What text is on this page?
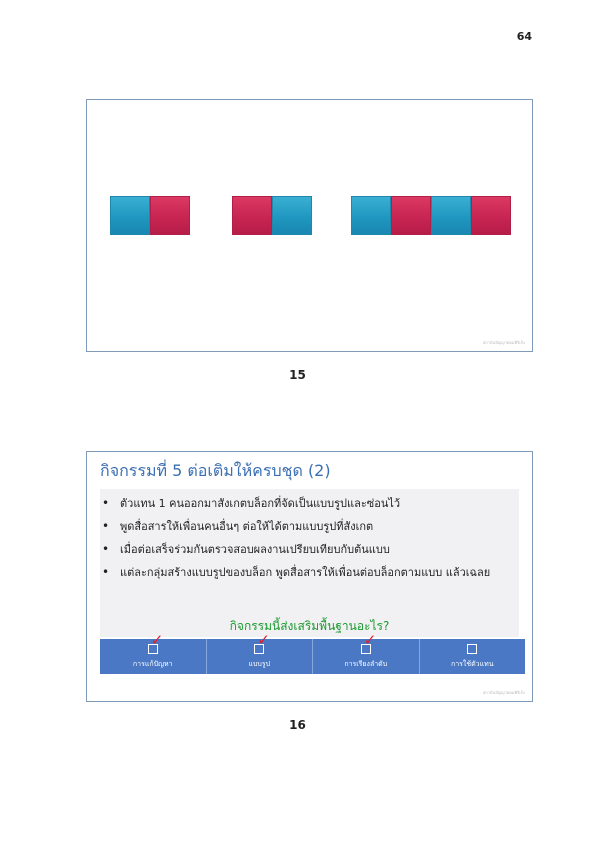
64
สถาบันปัญญาพอมพิริเก้ง
15
กิจกรรมที่ 5 ต่อเติมให้ครบชุด (2)
• ตัวแทน 1 คนออกมาสังเกตบล็อกที่จัดเป็นแบบรูปและซ่อนไว้
• พูดสื่อสารให้เพื่อนคนอื่นๆ ต่อให้ได้ตามแบบรูปที่สังเกต
• เมื่อต่อเสร็จร่วมกันตรวจสอบผลงานเปรียบเทียบกับต้นแบบ
• แต่ละกลุ่มสร้างแบบรูปของบล็อก พูดสื่อสารให้เพื่อนต่อบล็อกตามแบบ แล้วเฉลย
กิจกรรมนี้ส่งเสริมพื้นฐานอะไร?
✓
การแก้ปัญหา
✓
แบบรูป
✓
การเรียงลำดับ	การใช้ตัวแทน
สถาบันปัญญาพอมพิริเก้ง
16
